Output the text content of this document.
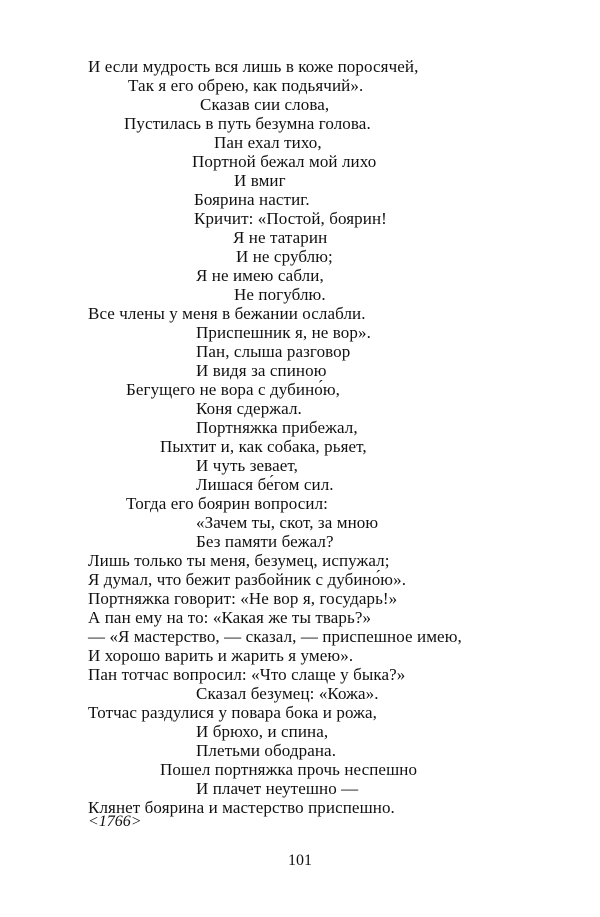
И если мудрость вся лишь в коже поросячей,
Так я его обрею, как подьячий».
Сказав сии слова,
Пустилась в путь безумна голова.
Пан ехал тихо,
Портной бежал мой лихо
И вмиг
Боярина настиг.
Кричит: «Постой, боярин!
Я не татарин
И не срублю;
Я не имею сабли,
Не погублю.
Все члены у меня в бежании ослабли.
Приспешник я, не вор».
Пан, слыша разговор
И видя за спиною
Бегущего не вора с дубино́ю,
Коня сдержал.
Портняжка прибежал,
Пыхтит и, как собака, рьяет,
И чуть зевает,
Лишася бе́гом сил.
Тогда его боярин вопросил:
«Зачем ты, скот, за мною
Без памяти бежал?
Лишь только ты меня, безумец, испужал;
Я думал, что бежит разбойник с дубино́ю».
Портняжка говорит: «Не вор я, государь!»
А пан ему на то: «Какая же ты тварь?»
— «Я мастерство, — сказал, — приспешное имею,
И хорошо варить и жарить я умею».
Пан тотчас вопросил: «Что слаще у быка?»
Сказал безумец: «Кожа».
Тотчас раздулися у повара бока и рожа,
И брюхо, и спина,
Плетьми ободрана.
Пошел портняжка прочь неспешно
И плачет неутешно —
Клянет боярина и мастерство приспешно.
<1766>
101
